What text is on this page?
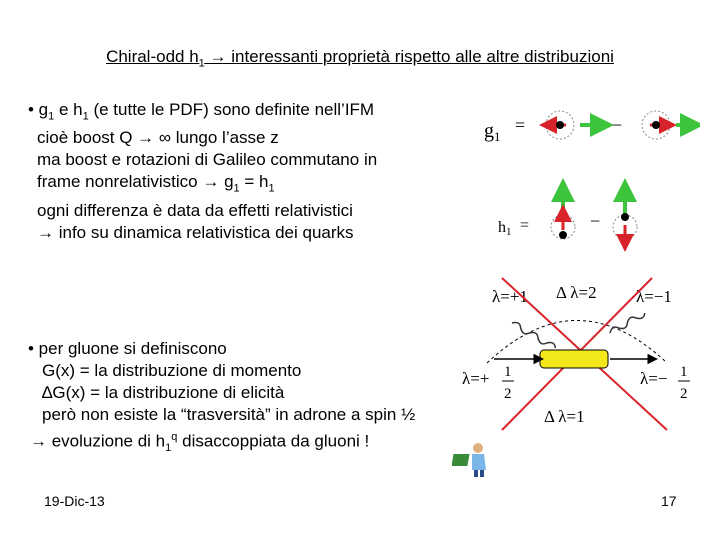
Chiral-odd $h_1$ → interessanti proprietà rispetto alle altre distribuzioni
• $g_1$ e $h_1$ (e tutte le PDF) sono definite nell’IFM
cioè boost Q → ∞ lungo l’asse z
ma boost e rotazioni di Galileo commutano in
frame nonrelativistico → $g_1 = h_1$
ogni differenza è data da effetti relativistici
→ info su dinamica relativistica dei quarks
• per gluone si definiscono
G(x) = la distribuzione di momento
∆G(x) = la distribuzione di elicità
però non esiste la “trasversità” in adrone a spin ½
→ evoluzione di $h_1^q$ disaccoppiata da gluoni !
$g_1$
=	−
h1 =	−
λ=+1 Δ λ=2 λ=−1
λ=+ 1
2
λ=− 1
2
Δ λ=1
19-Dic-13	17
